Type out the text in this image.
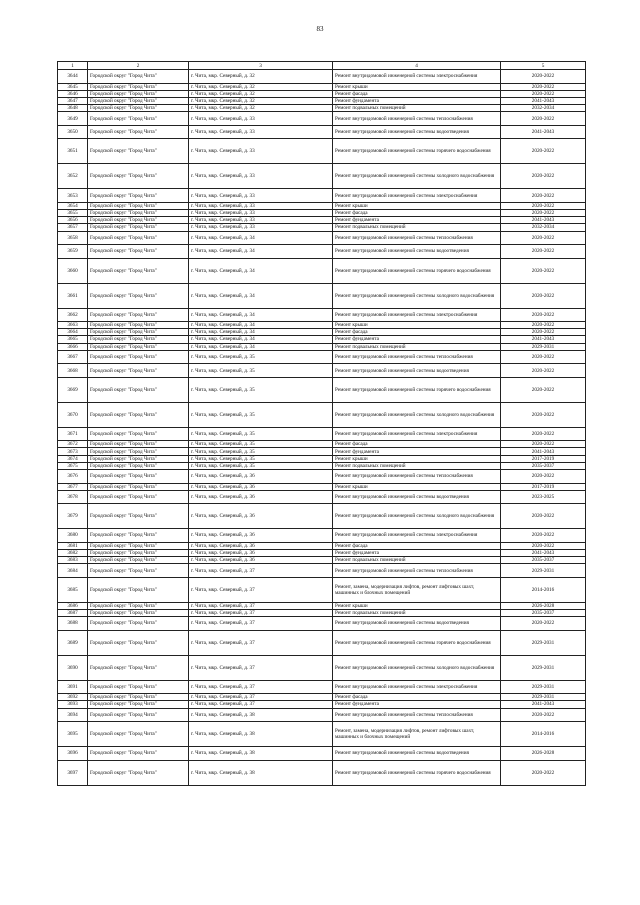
83
1	2	3	4	5
3644	Городской округ "Город Чита"	г. Чита, мкр. Северный, д. 32	Ремонт внутридомовой инженерной системы электроснабжения	2020-2022
3645	Городской округ "Город Чита"	г. Чита, мкр. Северный, д. 32	Ремонт крыши	2020-2022
3646	Городской округ "Город Чита"	г. Чита, мкр. Северный, д. 32	Ремонт фасада	2020-2022
3647	Городской округ "Город Чита"	г. Чита, мкр. Северный, д. 32	Ремонт фундамента	2041-2043
3648	Городской округ "Город Чита"	г. Чита, мкр. Северный, д. 32	Ремонт подвальных помещений	2032-2034
3649	Городской округ "Город Чита"	г. Чита, мкр. Северный, д. 33	Ремонт внутридомовой инженерной системы теплоснабжения	2020-2022
3650	Городской округ "Город Чита"	г. Чита, мкр. Северный, д. 33	Ремонт внутридомовой инженерной системы водоотведения	2041-2043
3651	Городской округ "Город Чита"	г. Чита, мкр. Северный, д. 33	Ремонт внутридомовой инженерной системы горячего водоснабжения	2020-2022
3652	Городской округ "Город Чита"	г. Чита, мкр. Северный, д. 33	Ремонт внутридомовой инженерной системы холодного водоснабжения	2020-2022
3653	Городской округ "Город Чита"	г. Чита, мкр. Северный, д. 33	Ремонт внутридомовой инженерной системы электроснабжения	2020-2022
3654	Городской округ "Город Чита"	г. Чита, мкр. Северный, д. 33	Ремонт крыши	2020-2022
3655	Городской округ "Город Чита"	г. Чита, мкр. Северный, д. 33	Ремонт фасада	2020-2022
3656	Городской округ "Город Чита"	г. Чита, мкр. Северный, д. 33	Ремонт фундамента	2041-2043
3657	Городской округ "Город Чита"	г. Чита, мкр. Северный, д. 33	Ремонт подвальных помещений	2032-2034
3658	Городской округ "Город Чита"	г. Чита, мкр. Северный, д. 34	Ремонт внутридомовой инженерной системы теплоснабжения	2020-2022
3659	Городской округ "Город Чита"	г. Чита, мкр. Северный, д. 34	Ремонт внутридомовой инженерной системы водоотведения	2020-2022
3660	Городской округ "Город Чита"	г. Чита, мкр. Северный, д. 34	Ремонт внутридомовой инженерной системы горячего водоснабжения	2020-2022
3661	Городской округ "Город Чита"	г. Чита, мкр. Северный, д. 34	Ремонт внутридомовой инженерной системы холодного водоснабжения	2020-2022
3662	Городской округ "Город Чита"	г. Чита, мкр. Северный, д. 34	Ремонт внутридомовой инженерной системы электроснабжения	2020-2022
3663	Городской округ "Город Чита"	г. Чита, мкр. Северный, д. 34	Ремонт крыши	2020-2022
3664	Городской округ "Город Чита"	г. Чита, мкр. Северный, д. 34	Ремонт фасада	2020-2022
3665	Городской округ "Город Чита"	г. Чита, мкр. Северный, д. 34	Ремонт фундамента	2041-2043
3666	Городской округ "Город Чита"	г. Чита, мкр. Северный, д. 34	Ремонт подвальных помещений	2029-2031
3667	Городской округ "Город Чита"	г. Чита, мкр. Северный, д. 35	Ремонт внутридомовой инженерной системы теплоснабжения	2020-2022
3668	Городской округ "Город Чита"	г. Чита, мкр. Северный, д. 35	Ремонт внутридомовой инженерной системы водоотведения	2020-2022
3669	Городской округ "Город Чита"	г. Чита, мкр. Северный, д. 35	Ремонт внутридомовой инженерной системы горячего водоснабжения	2020-2022
3670	Городской округ "Город Чита"	г. Чита, мкр. Северный, д. 35	Ремонт внутридомовой инженерной системы холодного водоснабжения	2020-2022
3671	Городской округ "Город Чита"	г. Чита, мкр. Северный, д. 35	Ремонт внутридомовой инженерной системы электроснабжения	2020-2022
3672	Городской округ "Город Чита"	г. Чита, мкр. Северный, д. 35	Ремонт фасада	2020-2022
3673	Городской округ "Город Чита"	г. Чита, мкр. Северный, д. 35	Ремонт фундамента	2041-2043
3674	Городской округ "Город Чита"	г. Чита, мкр. Северный, д. 35	Ремонт крыши	2017-2019
3675	Городской округ "Город Чита"	г. Чита, мкр. Северный, д. 35	Ремонт подвальных помещений	2035-2037
3676	Городской округ "Город Чита"	г. Чита, мкр. Северный, д. 36	Ремонт внутридомовой инженерной системы теплоснабжения	2020-2022
3677	Городской округ "Город Чита"	г. Чита, мкр. Северный, д. 36	Ремонт крыши	2017-2019
3678	Городской округ "Город Чита"	г. Чита, мкр. Северный, д. 36	Ремонт внутридомовой инженерной системы водоотведения	2023-2025
3679	Городской округ "Город Чита"	г. Чита, мкр. Северный, д. 36	Ремонт внутридомовой инженерной системы холодного водоснабжения	2020-2022
3680	Городской округ "Город Чита"	г. Чита, мкр. Северный, д. 36	Ремонт внутридомовой инженерной системы электроснабжения	2020-2022
3681	Городской округ "Город Чита"	г. Чита, мкр. Северный, д. 36	Ремонт фасада	2020-2022
3682	Городской округ "Город Чита"	г. Чита, мкр. Северный, д. 36	Ремонт фундамента	2041-2043
3683	Городской округ "Город Чита"	г. Чита, мкр. Северный, д. 36	Ремонт подвальных помещений	2035-2037
3684	Городской округ "Город Чита"	г. Чита, мкр. Северный, д. 37	Ремонт внутридомовой инженерной системы теплоснабжения	2029-2031
3685	Городской округ "Город Чита"	г. Чита, мкр. Северный, д. 37	Ремонт, замена, модернизация лифтов, ремонт лифтовых шахт, машинных и блочных помещений	2014-2016
3686	Городской округ "Город Чита"	г. Чита, мкр. Северный, д. 37	Ремонт крыши	2026-2028
3687	Городской округ "Город Чита"	г. Чита, мкр. Северный, д. 37	Ремонт подвальных помещений	2035-2037
3688	Городской округ "Город Чита"	г. Чита, мкр. Северный, д. 37	Ремонт внутридомовой инженерной системы водоотведения	2020-2022
3689	Городской округ "Город Чита"	г. Чита, мкр. Северный, д. 37	Ремонт внутридомовой инженерной системы горячего водоснабжения	2029-2031
3690	Городской округ "Город Чита"	г. Чита, мкр. Северный, д. 37	Ремонт внутридомовой инженерной системы холодного водоснабжения	2029-2031
3691	Городской округ "Город Чита"	г. Чита, мкр. Северный, д. 37	Ремонт внутридомовой инженерной системы электроснабжения	2029-2031
3692	Городской округ "Город Чита"	г. Чита, мкр. Северный, д. 37	Ремонт фасада	2029-2031
3693	Городской округ "Город Чита"	г. Чита, мкр. Северный, д. 37	Ремонт фундамента	2041-2043
3694	Городской округ "Город Чита"	г. Чита, мкр. Северный, д. 38	Ремонт внутридомовой инженерной системы теплоснабжения	2020-2022
3695	Городской округ "Город Чита"	г. Чита, мкр. Северный, д. 38	Ремонт, замена, модернизация лифтов, ремонт лифтовых шахт, машинных и блочных помещений	2014-2016
3696	Городской округ "Город Чита"	г. Чита, мкр. Северный, д. 38	Ремонт внутридомовой инженерной системы водоотведения	2026-2028
3697	Городской округ "Город Чита"	г. Чита, мкр. Северный, д. 38	Ремонт внутридомовой инженерной системы горячего водоснабжения	2020-2022
